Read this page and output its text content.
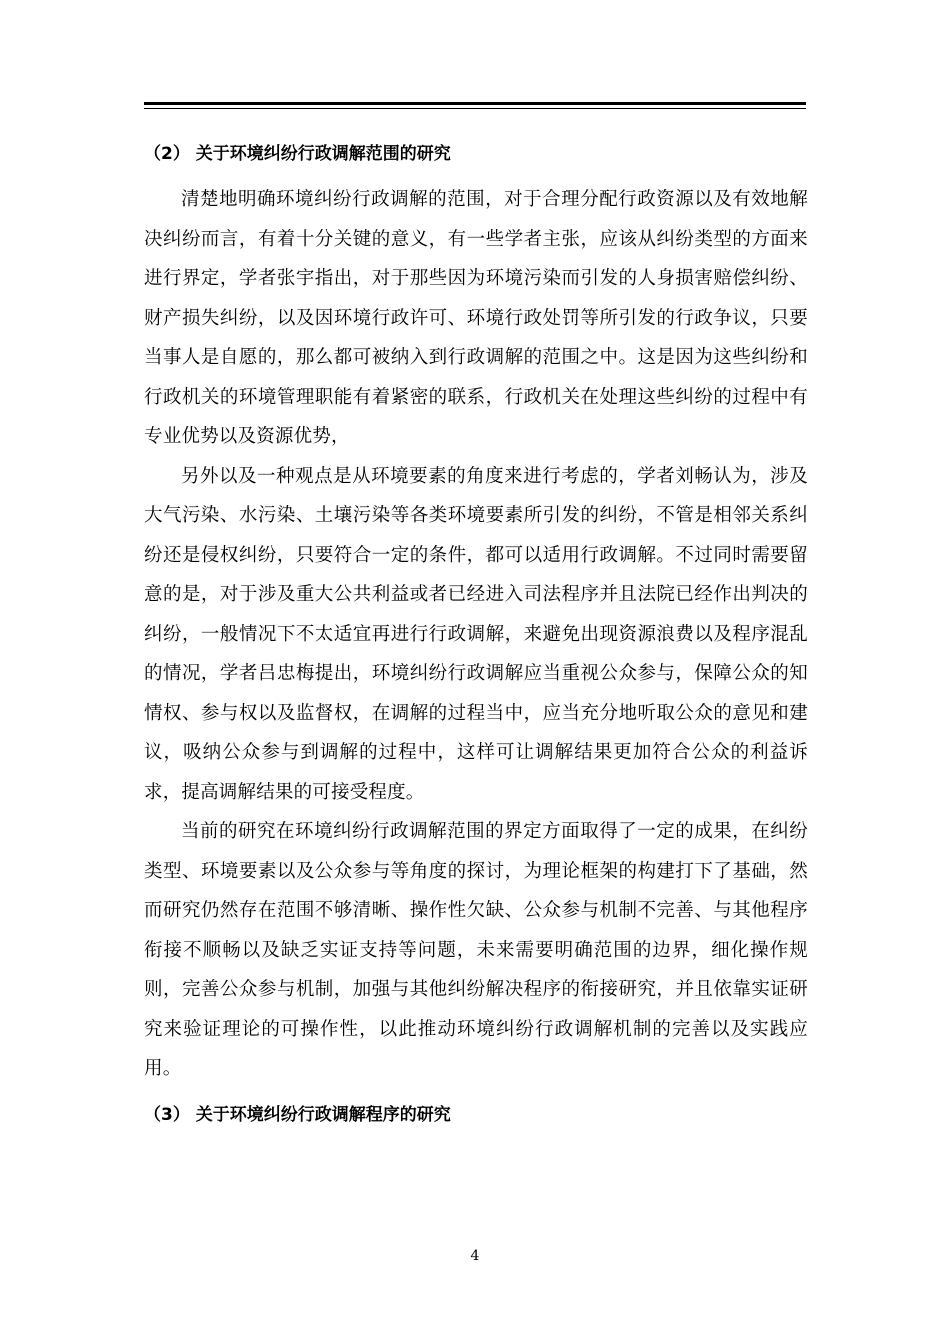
（2） 关于环境纠纷行政调解范围的研究

清楚地明确环境纠纷行政调解的范围，对于合理分配行政资源以及有效地解决纠纷而言，有着十分关键的意义，有一些学者主张，应该从纠纷类型的方面来进行界定，学者张宇指出，对于那些因为环境污染而引发的人身损害赔偿纠纷、财产损失纠纷，以及因环境行政许可、环境行政处罚等所引发的行政争议，只要当事人是自愿的，那么都可被纳入到行政调解的范围之中。这是因为这些纠纷和行政机关的环境管理职能有着紧密的联系，行政机关在处理这些纠纷的过程中有专业优势以及资源优势，

另外以及一种观点是从环境要素的角度来进行考虑的，学者刘畅认为，涉及大气污染、水污染、土壤污染等各类环境要素所引发的纠纷，不管是相邻关系纠纷还是侵权纠纷，只要符合一定的条件，都可以适用行政调解。不过同时需要留意的是，对于涉及重大公共利益或者已经进入司法程序并且法院已经作出判决的纠纷，一般情况下不太适宜再进行行政调解，来避免出现资源浪费以及程序混乱的情况，学者吕忠梅提出，环境纠纷行政调解应当重视公众参与，保障公众的知情权、参与权以及监督权，在调解的过程当中，应当充分地听取公众的意见和建议，吸纳公众参与到调解的过程中，这样可让调解结果更加符合公众的利益诉求，提高调解结果的可接受程度。

当前的研究在环境纠纷行政调解范围的界定方面取得了一定的成果，在纠纷类型、环境要素以及公众参与等角度的探讨，为理论框架的构建打下了基础，然而研究仍然存在范围不够清晰、操作性欠缺、公众参与机制不完善、与其他程序衔接不顺畅以及缺乏实证支持等问题，未来需要明确范围的边界，细化操作规则，完善公众参与机制，加强与其他纠纷解决程序的衔接研究，并且依靠实证研究来验证理论的可操作性，以此推动环境纠纷行政调解机制的完善以及实践应用。

（3） 关于环境纠纷行政调解程序的研究

4
